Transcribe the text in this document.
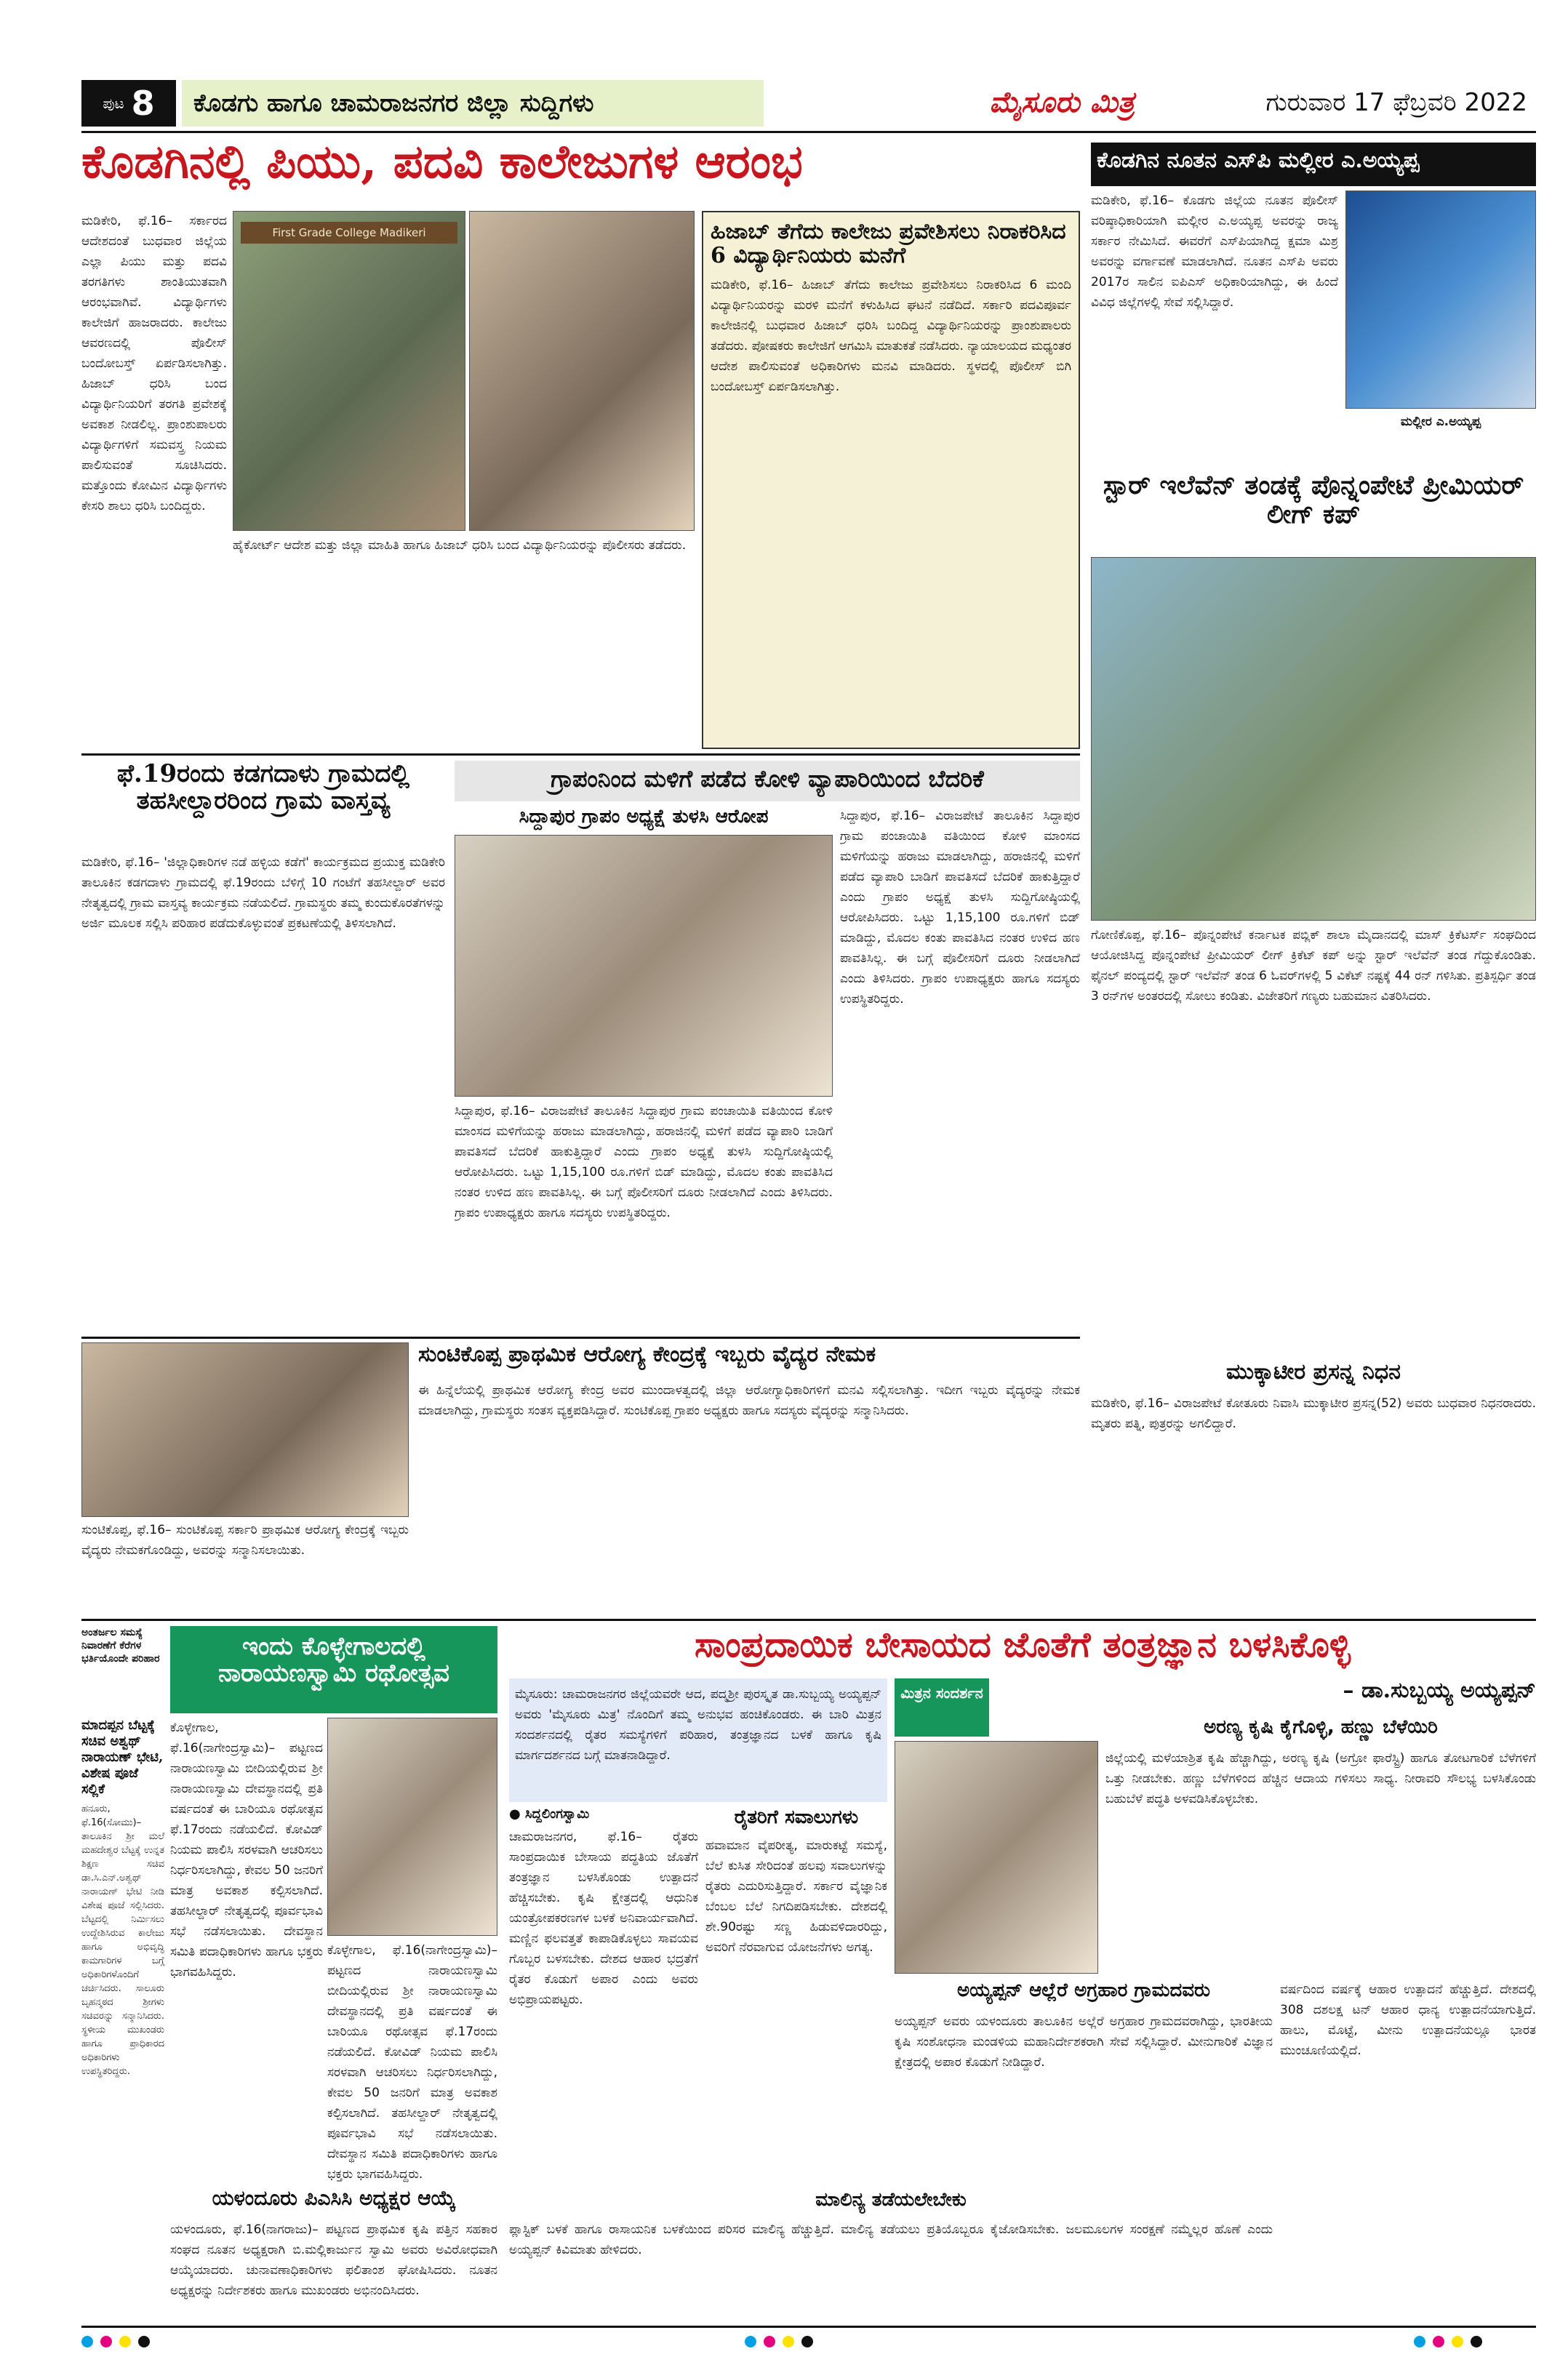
ಪುಟ 8	ಕೊಡಗು ಹಾಗೂ ಚಾಮರಾಜನಗರ ಜಿಲ್ಲಾ ಸುದ್ದಿಗಳು	ಮೈಸೂರು ಮಿತ್ರ	ಗುರುವಾರ 17 ಫೆಬ್ರವರಿ 2022
ಕೊಡಗಿನಲ್ಲಿ ಪಿಯು, ಪದವಿ ಕಾಲೇಜುಗಳ ಆರಂಭ
ಮಡಿಕೇರಿ, ಫೆ.16– ಸರ್ಕಾರದ ಆದೇಶದಂತೆ ಬುಧವಾರ ಜಿಲ್ಲೆಯ ಎಲ್ಲಾ ಪಿಯು ಮತ್ತು ಪದವಿ ತರಗತಿಗಳು ಶಾಂತಿಯುತವಾಗಿ ಆರಂಭವಾಗಿವೆ. ವಿದ್ಯಾರ್ಥಿಗಳು ಕಾಲೇಜಿಗೆ ಹಾಜರಾದರು. ಕಾಲೇಜು ಆವರಣದಲ್ಲಿ ಪೊಲೀಸ್ ಬಂದೋಬಸ್ತ್ ಏರ್ಪಡಿಸಲಾಗಿತ್ತು. ಹಿಜಾಬ್ ಧರಿಸಿ ಬಂದ ವಿದ್ಯಾರ್ಥಿನಿಯರಿಗೆ ತರಗತಿ ಪ್ರವೇಶಕ್ಕೆ ಅವಕಾಶ ನೀಡಲಿಲ್ಲ. ಪ್ರಾಂಶುಪಾಲರು ವಿದ್ಯಾರ್ಥಿಗಳಿಗೆ ಸಮವಸ್ತ್ರ ನಿಯಮ ಪಾಲಿಸುವಂತೆ ಸೂಚಿಸಿದರು. ಮತ್ತೊಂದು ಕೋಮಿನ ವಿದ್ಯಾರ್ಥಿಗಳು ಕೇಸರಿ ಶಾಲು ಧರಿಸಿ ಬಂದಿದ್ದರು.
First Grade College Madikeri
ಹೈಕೋರ್ಟ್ ಆದೇಶ ಮತ್ತು ಜಿಲ್ಲಾ ಮಾಹಿತಿ ಹಾಗೂ ಹಿಜಾಬ್ ಧರಿಸಿ ಬಂದ ವಿದ್ಯಾರ್ಥಿನಿಯರನ್ನು ಪೊಲೀಸರು ತಡೆದರು.
ಹಿಜಾಬ್ ತೆಗೆದು ಕಾಲೇಜು ಪ್ರವೇಶಿಸಲು ನಿರಾಕರಿಸಿದ 6 ವಿದ್ಯಾರ್ಥಿನಿಯರು ಮನೆಗೆ
ಮಡಿಕೇರಿ, ಫೆ.16– ಹಿಜಾಬ್ ತೆಗೆದು ಕಾಲೇಜು ಪ್ರವೇಶಿಸಲು ನಿರಾಕರಿಸಿದ 6 ಮಂದಿ ವಿದ್ಯಾರ್ಥಿನಿಯರನ್ನು ಮರಳಿ ಮನೆಗೆ ಕಳುಹಿಸಿದ ಘಟನೆ ನಡೆದಿದೆ. ಸರ್ಕಾರಿ ಪದವಿಪೂರ್ವ ಕಾಲೇಜಿನಲ್ಲಿ ಬುಧವಾರ ಹಿಜಾಬ್ ಧರಿಸಿ ಬಂದಿದ್ದ ವಿದ್ಯಾರ್ಥಿನಿಯರನ್ನು ಪ್ರಾಂಶುಪಾಲರು ತಡೆದರು. ಪೋಷಕರು ಕಾಲೇಜಿಗೆ ಆಗಮಿಸಿ ಮಾತುಕತೆ ನಡೆಸಿದರು. ನ್ಯಾಯಾಲಯದ ಮಧ್ಯಂತರ ಆದೇಶ ಪಾಲಿಸುವಂತೆ ಅಧಿಕಾರಿಗಳು ಮನವಿ ಮಾಡಿದರು. ಸ್ಥಳದಲ್ಲಿ ಪೊಲೀಸ್ ಬಿಗಿ ಬಂದೋಬಸ್ತ್ ಏರ್ಪಡಿಸಲಾಗಿತ್ತು.
ಕೊಡಗಿನ ನೂತನ ಎಸ್‌ಪಿ ಮಲ್ಲೀರ ಎ.ಅಯ್ಯಪ್ಪ
ಮಡಿಕೇರಿ, ಫೆ.16– ಕೊಡಗು ಜಿಲ್ಲೆಯ ನೂತನ ಪೊಲೀಸ್ ವರಿಷ್ಠಾಧಿಕಾರಿಯಾಗಿ ಮಲ್ಲೀರ ಎ.ಅಯ್ಯಪ್ಪ ಅವರನ್ನು ರಾಜ್ಯ ಸರ್ಕಾರ ನೇಮಿಸಿದೆ. ಈವರೆಗೆ ಎಸ್‌ಪಿಯಾಗಿದ್ದ ಕ್ಷಮಾ ಮಿಶ್ರ ಅವರನ್ನು ವರ್ಗಾವಣೆ ಮಾಡಲಾಗಿದೆ. ನೂತನ ಎಸ್‌ಪಿ ಅವರು 2017ರ ಸಾಲಿನ ಐಪಿಎಸ್ ಅಧಿಕಾರಿಯಾಗಿದ್ದು, ಈ ಹಿಂದೆ ವಿವಿಧ ಜಿಲ್ಲೆಗಳಲ್ಲಿ ಸೇವೆ ಸಲ್ಲಿಸಿದ್ದಾರೆ.
ಮಲ್ಲೀರ ಎ.ಅಯ್ಯಪ್ಪ
ಸ್ಟಾರ್ ಇಲೆವೆನ್ ತಂಡಕ್ಕೆ ಪೊನ್ನಂಪೇಟೆ ಪ್ರೀಮಿಯರ್ ಲೀಗ್ ಕಪ್
ಗೋಣಿಕೊಪ್ಪ, ಫೆ.16– ಪೊನ್ನಂಪೇಟೆ ಕರ್ನಾಟಕ ಪಬ್ಲಿಕ್ ಶಾಲಾ ಮೈದಾನದಲ್ಲಿ ಮಾಸ್ ಕ್ರಿಕೆಟರ್ಸ್ ಸಂಘದಿಂದ ಆಯೋಜಿಸಿದ್ದ ಪೊನ್ನಂಪೇಟೆ ಪ್ರೀಮಿಯರ್ ಲೀಗ್ ಕ್ರಿಕೆಟ್ ಕಪ್ ಅನ್ನು ಸ್ಟಾರ್ ಇಲೆವೆನ್ ತಂಡ ಗೆದ್ದುಕೊಂಡಿತು. ಫೈನಲ್ ಪಂದ್ಯದಲ್ಲಿ ಸ್ಟಾರ್ ಇಲೆವೆನ್ ತಂಡ 6 ಓವರ್‌ಗಳಲ್ಲಿ 5 ವಿಕೆಟ್ ನಷ್ಟಕ್ಕೆ 44 ರನ್ ಗಳಿಸಿತು. ಪ್ರತಿಸ್ಪರ್ಧಿ ತಂಡ 3 ರನ್‌ಗಳ ಅಂತರದಲ್ಲಿ ಸೋಲು ಕಂಡಿತು. ವಿಜೇತರಿಗೆ ಗಣ್ಯರು ಬಹುಮಾನ ವಿತರಿಸಿದರು.
ಮುಕ್ಕಾಟೀರ ಪ್ರಸನ್ನ ನಿಧನ
ಮಡಿಕೇರಿ, ಫೆ.16– ವಿರಾಜಪೇಟೆ ಕೋತೂರು ನಿವಾಸಿ ಮುಕ್ಕಾಟೀರ ಪ್ರಸನ್ನ(52) ಅವರು ಬುಧವಾರ ನಿಧನರಾದರು. ಮೃತರು ಪತ್ನಿ, ಪುತ್ರರನ್ನು ಅಗಲಿದ್ದಾರೆ.
ಫೆ.19ರಂದು ಕಡಗದಾಳು ಗ್ರಾಮದಲ್ಲಿ ತಹಸೀಲ್ದಾರರಿಂದ ಗ್ರಾಮ ವಾಸ್ತವ್ಯ
ಮಡಿಕೇರಿ, ಫೆ.16– 'ಜಿಲ್ಲಾಧಿಕಾರಿಗಳ ನಡೆ ಹಳ್ಳಿಯ ಕಡೆಗೆ' ಕಾರ್ಯಕ್ರಮದ ಪ್ರಯುಕ್ತ ಮಡಿಕೇರಿ ತಾಲೂಕಿನ ಕಡಗದಾಳು ಗ್ರಾಮದಲ್ಲಿ ಫೆ.19ರಂದು ಬೆಳಿಗ್ಗೆ 10 ಗಂಟೆಗೆ ತಹಸೀಲ್ದಾರ್ ಅವರ ನೇತೃತ್ವದಲ್ಲಿ ಗ್ರಾಮ ವಾಸ್ತವ್ಯ ಕಾರ್ಯಕ್ರಮ ನಡೆಯಲಿದೆ. ಗ್ರಾಮಸ್ಥರು ತಮ್ಮ ಕುಂದುಕೊರತೆಗಳನ್ನು ಅರ್ಜಿ ಮೂಲಕ ಸಲ್ಲಿಸಿ ಪರಿಹಾರ ಪಡೆದುಕೊಳ್ಳುವಂತೆ ಪ್ರಕಟಣೆಯಲ್ಲಿ ತಿಳಿಸಲಾಗಿದೆ.
ಗ್ರಾಪಂನಿಂದ ಮಳಿಗೆ ಪಡೆದ ಕೋಳಿ ವ್ಯಾಪಾರಿಯಿಂದ ಬೆದರಿಕೆ
ಸಿದ್ದಾಪುರ ಗ್ರಾಪಂ ಅಧ್ಯಕ್ಷೆ ತುಳಸಿ ಆರೋಪ
ಸಿದ್ದಾಪುರ, ಫೆ.16– ವಿರಾಜಪೇಟೆ ತಾಲೂಕಿನ ಸಿದ್ದಾಪುರ ಗ್ರಾಮ ಪಂಚಾಯಿತಿ ವತಿಯಿಂದ ಕೋಳಿ ಮಾಂಸದ ಮಳಿಗೆಯನ್ನು ಹರಾಜು ಮಾಡಲಾಗಿದ್ದು, ಹರಾಜಿನಲ್ಲಿ ಮಳಿಗೆ ಪಡೆದ ವ್ಯಾಪಾರಿ ಬಾಡಿಗೆ ಪಾವತಿಸದೆ ಬೆದರಿಕೆ ಹಾಕುತ್ತಿದ್ದಾರೆ ಎಂದು ಗ್ರಾಪಂ ಅಧ್ಯಕ್ಷೆ ತುಳಸಿ ಸುದ್ದಿಗೋಷ್ಠಿಯಲ್ಲಿ ಆರೋಪಿಸಿದರು. ಒಟ್ಟು 1,15,100 ರೂ.ಗಳಿಗೆ ಬಿಡ್ ಮಾಡಿದ್ದು, ಮೊದಲ ಕಂತು ಪಾವತಿಸಿದ ನಂತರ ಉಳಿದ ಹಣ ಪಾವತಿಸಿಲ್ಲ. ಈ ಬಗ್ಗೆ ಪೊಲೀಸರಿಗೆ ದೂರು ನೀಡಲಾಗಿದೆ ಎಂದು ತಿಳಿಸಿದರು. ಗ್ರಾಪಂ ಉಪಾಧ್ಯಕ್ಷರು ಹಾಗೂ ಸದಸ್ಯರು ಉಪಸ್ಥಿತರಿದ್ದರು.
ಸಿದ್ದಾಪುರ, ಫೆ.16– ವಿರಾಜಪೇಟೆ ತಾಲೂಕಿನ ಸಿದ್ದಾಪುರ ಗ್ರಾಮ ಪಂಚಾಯಿತಿ ವತಿಯಿಂದ ಕೋಳಿ ಮಾಂಸದ ಮಳಿಗೆಯನ್ನು ಹರಾಜು ಮಾಡಲಾಗಿದ್ದು, ಹರಾಜಿನಲ್ಲಿ ಮಳಿಗೆ ಪಡೆದ ವ್ಯಾಪಾರಿ ಬಾಡಿಗೆ ಪಾವತಿಸದೆ ಬೆದರಿಕೆ ಹಾಕುತ್ತಿದ್ದಾರೆ ಎಂದು ಗ್ರಾಪಂ ಅಧ್ಯಕ್ಷೆ ತುಳಸಿ ಸುದ್ದಿಗೋಷ್ಠಿಯಲ್ಲಿ ಆರೋಪಿಸಿದರು. ಒಟ್ಟು 1,15,100 ರೂ.ಗಳಿಗೆ ಬಿಡ್ ಮಾಡಿದ್ದು, ಮೊದಲ ಕಂತು ಪಾವತಿಸಿದ ನಂತರ ಉಳಿದ ಹಣ ಪಾವತಿಸಿಲ್ಲ. ಈ ಬಗ್ಗೆ ಪೊಲೀಸರಿಗೆ ದೂರು ನೀಡಲಾಗಿದೆ ಎಂದು ತಿಳಿಸಿದರು. ಗ್ರಾಪಂ ಉಪಾಧ್ಯಕ್ಷರು ಹಾಗೂ ಸದಸ್ಯರು ಉಪಸ್ಥಿತರಿದ್ದರು.
ಸುಂಟಿಕೊಪ್ಪ, ಫೆ.16– ಸುಂಟಿಕೊಪ್ಪ ಸರ್ಕಾರಿ ಪ್ರಾಥಮಿಕ ಆರೋಗ್ಯ ಕೇಂದ್ರಕ್ಕೆ ಇಬ್ಬರು ವೈದ್ಯರು ನೇಮಕಗೊಂಡಿದ್ದು, ಅವರನ್ನು ಸನ್ಮಾನಿಸಲಾಯಿತು.
ಸುಂಟಿಕೊಪ್ಪ ಪ್ರಾಥಮಿಕ ಆರೋಗ್ಯ ಕೇಂದ್ರಕ್ಕೆ ಇಬ್ಬರು ವೈದ್ಯರ ನೇಮಕ
ಈ ಹಿನ್ನೆಲೆಯಲ್ಲಿ ಪ್ರಾಥಮಿಕ ಆರೋಗ್ಯ ಕೇಂದ್ರ ಅವರ ಮುಂದಾಳತ್ವದಲ್ಲಿ ಜಿಲ್ಲಾ ಆರೋಗ್ಯಾಧಿಕಾರಿಗಳಿಗೆ ಮನವಿ ಸಲ್ಲಿಸಲಾಗಿತ್ತು. ಇದೀಗ ಇಬ್ಬರು ವೈದ್ಯರನ್ನು ನೇಮಕ ಮಾಡಲಾಗಿದ್ದು, ಗ್ರಾಮಸ್ಥರು ಸಂತಸ ವ್ಯಕ್ತಪಡಿಸಿದ್ದಾರೆ. ಸುಂಟಿಕೊಪ್ಪ ಗ್ರಾಪಂ ಅಧ್ಯಕ್ಷರು ಹಾಗೂ ಸದಸ್ಯರು ವೈದ್ಯರನ್ನು ಸನ್ಮಾನಿಸಿದರು.
ಇಂದು ಕೊಳ್ಳೇಗಾಲದಲ್ಲಿ ನಾರಾಯಣಸ್ವಾಮಿ ರಥೋತ್ಸವ
ಕೊಳ್ಳೇಗಾಲ, ಫೆ.16(ನಾಗೇಂದ್ರಸ್ವಾಮಿ)– ಪಟ್ಟಣದ ನಾರಾಯಣಸ್ವಾಮಿ ಬೀದಿಯಲ್ಲಿರುವ ಶ್ರೀ ನಾರಾಯಣಸ್ವಾಮಿ ದೇವಸ್ಥಾನದಲ್ಲಿ ಪ್ರತಿ ವರ್ಷದಂತೆ ಈ ಬಾರಿಯೂ ರಥೋತ್ಸವ ಫೆ.17ರಂದು ನಡೆಯಲಿದೆ. ಕೋವಿಡ್ ನಿಯಮ ಪಾಲಿಸಿ ಸರಳವಾಗಿ ಆಚರಿಸಲು ನಿರ್ಧರಿಸಲಾಗಿದ್ದು, ಕೇವಲ 50 ಜನರಿಗೆ ಮಾತ್ರ ಅವಕಾಶ ಕಲ್ಪಿಸಲಾಗಿದೆ. ತಹಸೀಲ್ದಾರ್ ನೇತೃತ್ವದಲ್ಲಿ ಪೂರ್ವಭಾವಿ ಸಭೆ ನಡೆಸಲಾಯಿತು. ದೇವಸ್ಥಾನ ಸಮಿತಿ ಪದಾಧಿಕಾರಿಗಳು ಹಾಗೂ ಭಕ್ತರು ಭಾಗವಹಿಸಿದ್ದರು.
ಕೊಳ್ಳೇಗಾಲ, ಫೆ.16(ನಾಗೇಂದ್ರಸ್ವಾಮಿ)– ಪಟ್ಟಣದ ನಾರಾಯಣಸ್ವಾಮಿ ಬೀದಿಯಲ್ಲಿರುವ ಶ್ರೀ ನಾರಾಯಣಸ್ವಾಮಿ ದೇವಸ್ಥಾನದಲ್ಲಿ ಪ್ರತಿ ವರ್ಷದಂತೆ ಈ ಬಾರಿಯೂ ರಥೋತ್ಸವ ಫೆ.17ರಂದು ನಡೆಯಲಿದೆ. ಕೋವಿಡ್ ನಿಯಮ ಪಾಲಿಸಿ ಸರಳವಾಗಿ ಆಚರಿಸಲು ನಿರ್ಧರಿಸಲಾಗಿದ್ದು, ಕೇವಲ 50 ಜನರಿಗೆ ಮಾತ್ರ ಅವಕಾಶ ಕಲ್ಪಿಸಲಾಗಿದೆ. ತಹಸೀಲ್ದಾರ್ ನೇತೃತ್ವದಲ್ಲಿ ಪೂರ್ವಭಾವಿ ಸಭೆ ನಡೆಸಲಾಯಿತು. ದೇವಸ್ಥಾನ ಸಮಿತಿ ಪದಾಧಿಕಾರಿಗಳು ಹಾಗೂ ಭಕ್ತರು ಭಾಗವಹಿಸಿದ್ದರು.
ಯಳಂದೂರು ಪಿಎಸಿಸಿ ಅಧ್ಯಕ್ಷರ ಆಯ್ಕೆ
ಯಳಂದೂರು, ಫೆ.16(ನಾಗರಾಜು)– ಪಟ್ಟಣದ ಪ್ರಾಥಮಿಕ ಕೃಷಿ ಪತ್ತಿನ ಸಹಕಾರ ಸಂಘದ ನೂತನ ಅಧ್ಯಕ್ಷರಾಗಿ ಬಿ.ಮಲ್ಲಿಕಾರ್ಜುನ ಸ್ವಾಮಿ ಅವರು ಅವಿರೋಧವಾಗಿ ಆಯ್ಕೆಯಾದರು. ಚುನಾವಣಾಧಿಕಾರಿಗಳು ಫಲಿತಾಂಶ ಘೋಷಿಸಿದರು. ನೂತನ ಅಧ್ಯಕ್ಷರನ್ನು ನಿರ್ದೇಶಕರು ಹಾಗೂ ಮುಖಂಡರು ಅಭಿನಂದಿಸಿದರು.
ಸಾಂಪ್ರದಾಯಿಕ ಬೇಸಾಯದ ಜೊತೆಗೆ ತಂತ್ರಜ್ಞಾನ ಬಳಸಿಕೊಳ್ಳಿ
ಮೈಸೂರು: ಚಾಮರಾಜನಗರ ಜಿಲ್ಲೆಯವರೇ ಆದ, ಪದ್ಮಶ್ರೀ ಪುರಸ್ಕೃತ ಡಾ.ಸುಬ್ಬಯ್ಯ ಅಯ್ಯಪ್ಪನ್ ಅವರು 'ಮೈಸೂರು ಮಿತ್ರ' ನೊಂದಿಗೆ ತಮ್ಮ ಅನುಭವ ಹಂಚಿಕೊಂಡರು. ಈ ಬಾರಿ ಮಿತ್ರನ ಸಂದರ್ಶನದಲ್ಲಿ ರೈತರ ಸಮಸ್ಯೆಗಳಿಗೆ ಪರಿಹಾರ, ತಂತ್ರಜ್ಞಾನದ ಬಳಕೆ ಹಾಗೂ ಕೃಷಿ ಮಾರ್ಗದರ್ಶನದ ಬಗ್ಗೆ ಮಾತನಾಡಿದ್ದಾರೆ.
ಮಿತ್ರನ ಸಂದರ್ಶನ	– ಡಾ.ಸುಬ್ಬಯ್ಯ ಅಯ್ಯಪ್ಪನ್
ಅರಣ್ಯ ಕೃಷಿ ಕೈಗೊಳ್ಳಿ, ಹಣ್ಣು ಬೆಳೆಯಿರಿ
ಜಿಲ್ಲೆಯಲ್ಲಿ ಮಳೆಯಾಶ್ರಿತ ಕೃಷಿ ಹೆಚ್ಚಾಗಿದ್ದು, ಅರಣ್ಯ ಕೃಷಿ (ಅಗ್ರೋ ಫಾರೆಸ್ಟ್ರಿ) ಹಾಗೂ ತೋಟಗಾರಿಕೆ ಬೆಳೆಗಳಿಗೆ ಒತ್ತು ನೀಡಬೇಕು. ಹಣ್ಣು ಬೆಳೆಗಳಿಂದ ಹೆಚ್ಚಿನ ಆದಾಯ ಗಳಿಸಲು ಸಾಧ್ಯ. ನೀರಾವರಿ ಸೌಲಭ್ಯ ಬಳಸಿಕೊಂಡು ಬಹುಬೆಳೆ ಪದ್ಧತಿ ಅಳವಡಿಸಿಕೊಳ್ಳಬೇಕು.
● ಸಿದ್ದಲಿಂಗಸ್ವಾಮಿ
ಚಾಮರಾಜನಗರ, ಫೆ.16– ರೈತರು ಸಾಂಪ್ರದಾಯಿಕ ಬೇಸಾಯ ಪದ್ಧತಿಯ ಜೊತೆಗೆ ತಂತ್ರಜ್ಞಾನ ಬಳಸಿಕೊಂಡು ಉತ್ಪಾದನೆ ಹೆಚ್ಚಿಸಬೇಕು. ಕೃಷಿ ಕ್ಷೇತ್ರದಲ್ಲಿ ಆಧುನಿಕ ಯಂತ್ರೋಪಕರಣಗಳ ಬಳಕೆ ಅನಿವಾರ್ಯವಾಗಿದೆ. ಮಣ್ಣಿನ ಫಲವತ್ತತೆ ಕಾಪಾಡಿಕೊಳ್ಳಲು ಸಾವಯವ ಗೊಬ್ಬರ ಬಳಸಬೇಕು. ದೇಶದ ಆಹಾರ ಭದ್ರತೆಗೆ ರೈತರ ಕೊಡುಗೆ ಅಪಾರ ಎಂದು ಅವರು ಅಭಿಪ್ರಾಯಪಟ್ಟರು.
ರೈತರಿಗೆ ಸವಾಲುಗಳು
ಹವಾಮಾನ ವೈಪರೀತ್ಯ, ಮಾರುಕಟ್ಟೆ ಸಮಸ್ಯೆ, ಬೆಲೆ ಕುಸಿತ ಸೇರಿದಂತೆ ಹಲವು ಸವಾಲುಗಳನ್ನು ರೈತರು ಎದುರಿಸುತ್ತಿದ್ದಾರೆ. ಸರ್ಕಾರ ವೈಜ್ಞಾನಿಕ ಬೆಂಬಲ ಬೆಲೆ ನಿಗದಿಪಡಿಸಬೇಕು. ದೇಶದಲ್ಲಿ ಶೇ.90ರಷ್ಟು ಸಣ್ಣ ಹಿಡುವಳಿದಾರರಿದ್ದು, ಅವರಿಗೆ ನೆರವಾಗುವ ಯೋಜನೆಗಳು ಅಗತ್ಯ.
ಅಯ್ಯಪ್ಪನ್ ಆಲ್ಲೆರೆ ಅಗ್ರಹಾರ ಗ್ರಾಮದವರು
ಅಯ್ಯಪ್ಪನ್ ಅವರು ಯಳಂದೂರು ತಾಲೂಕಿನ ಅಲ್ಲೆರೆ ಅಗ್ರಹಾರ ಗ್ರಾಮದವರಾಗಿದ್ದು, ಭಾರತೀಯ ಕೃಷಿ ಸಂಶೋಧನಾ ಮಂಡಳಿಯ ಮಹಾನಿರ್ದೇಶಕರಾಗಿ ಸೇವೆ ಸಲ್ಲಿಸಿದ್ದಾರೆ. ಮೀನುಗಾರಿಕೆ ವಿಜ್ಞಾನ ಕ್ಷೇತ್ರದಲ್ಲಿ ಅಪಾರ ಕೊಡುಗೆ ನೀಡಿದ್ದಾರೆ.
ವರ್ಷದಿಂದ ವರ್ಷಕ್ಕೆ ಆಹಾರ ಉತ್ಪಾದನೆ ಹೆಚ್ಚುತ್ತಿದೆ. ದೇಶದಲ್ಲಿ 308 ದಶಲಕ್ಷ ಟನ್ ಆಹಾರ ಧಾನ್ಯ ಉತ್ಪಾದನೆಯಾಗುತ್ತಿದೆ. ಹಾಲು, ಮೊಟ್ಟೆ, ಮೀನು ಉತ್ಪಾದನೆಯಲ್ಲೂ ಭಾರತ ಮುಂಚೂಣಿಯಲ್ಲಿದೆ.
ಮಾಲಿನ್ಯ ತಡೆಯಲೇಬೇಕು
ಪ್ಲಾಸ್ಟಿಕ್ ಬಳಕೆ ಹಾಗೂ ರಾಸಾಯನಿಕ ಬಳಕೆಯಿಂದ ಪರಿಸರ ಮಾಲಿನ್ಯ ಹೆಚ್ಚುತ್ತಿದೆ. ಮಾಲಿನ್ಯ ತಡೆಯಲು ಪ್ರತಿಯೊಬ್ಬರೂ ಕೈಜೋಡಿಸಬೇಕು. ಜಲಮೂಲಗಳ ಸಂರಕ್ಷಣೆ ನಮ್ಮೆಲ್ಲರ ಹೊಣೆ ಎಂದು ಅಯ್ಯಪ್ಪನ್ ಕಿವಿಮಾತು ಹೇಳಿದರು.
ಮಾದಪ್ಪನ ಬೆಟ್ಟಕ್ಕೆ ಸಚಿವ ಅಶ್ವಥ್ ನಾರಾಯಣ್ ಭೇಟಿ, ವಿಶೇಷ ಪೂಜೆ ಸಲ್ಲಿಕೆ
ಹನೂರು, ಫೆ.16(ಸೋಮು)– ತಾಲೂಕಿನ ಶ್ರೀ ಮಲೆ ಮಹದೇಶ್ವರ ಬೆಟ್ಟಕ್ಕೆ ಉನ್ನತ ಶಿಕ್ಷಣ ಸಚಿವ ಡಾ.ಸಿ.ಎನ್.ಅಶ್ವಥ್ ನಾರಾಯಣ್ ಭೇಟಿ ನೀಡಿ ವಿಶೇಷ ಪೂಜೆ ಸಲ್ಲಿಸಿದರು. ಬೆಟ್ಟದಲ್ಲಿ ನಿರ್ಮಿಸಲು ಉದ್ದೇಶಿಸಿರುವ ಕಾಲೇಜು ಹಾಗೂ ಅಭಿವೃದ್ಧಿ ಕಾಮಗಾರಿಗಳ ಬಗ್ಗೆ ಅಧಿಕಾರಿಗಳೊಂದಿಗೆ ಚರ್ಚಿಸಿದರು. ಸಾಲೂರು ಬೃಹನ್ಮಠದ ಶ್ರೀಗಳು ಸಚಿವರನ್ನು ಸನ್ಮಾನಿಸಿದರು. ಸ್ಥಳೀಯ ಮುಖಂಡರು ಹಾಗೂ ಪ್ರಾಧಿಕಾರದ ಅಧಿಕಾರಿಗಳು ಉಪಸ್ಥಿತರಿದ್ದರು.
ಅಂತರ್ಜಲ ಸಮಸ್ಯೆ ನಿವಾರಣೆಗೆ ಕೆರೆಗಳ ಭರ್ತಿಯೊಂದೇ ಪರಿಹಾರ
